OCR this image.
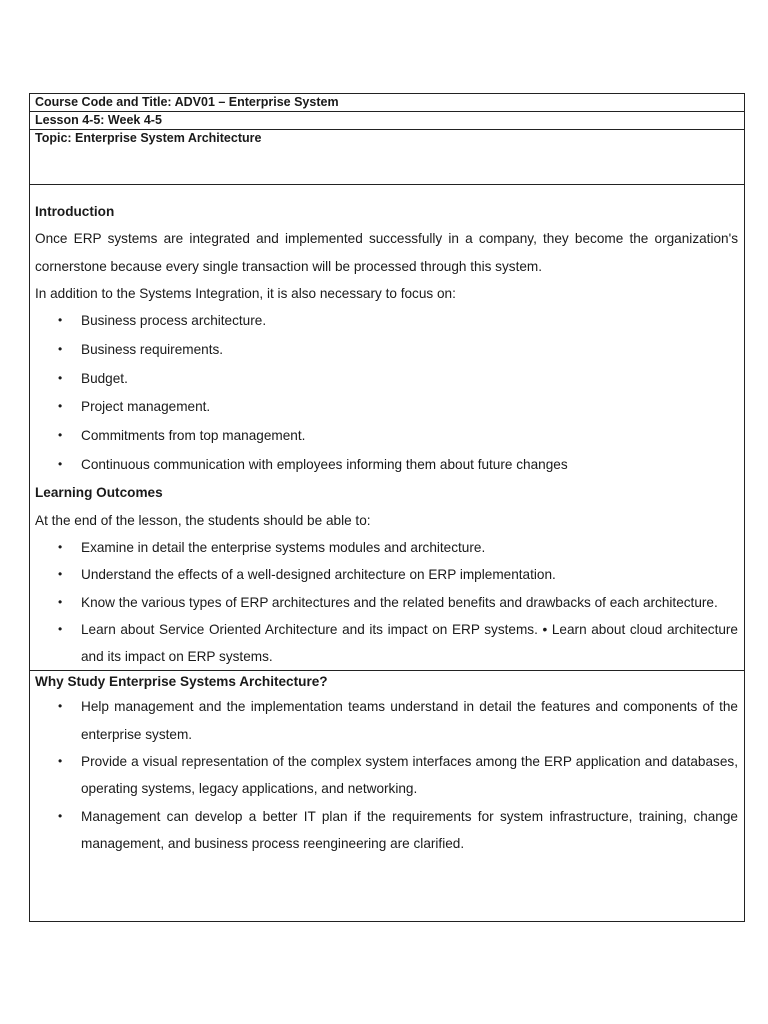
Course Code and Title: ADV01 – Enterprise System
Lesson 4-5: Week 4-5
Topic: Enterprise System Architecture
Introduction

Once ERP systems are integrated and implemented successfully in a company, they become the organization's cornerstone because every single transaction will be processed through this system.

In addition to the Systems Integration, it is also necessary to focus on:

• Business process architecture.
• Business requirements.
• Budget.
• Project management.
• Commitments from top management.
• Continuous communication with employees informing them about future changes
Learning Outcomes

At the end of the lesson, the students should be able to:

• Examine in detail the enterprise systems modules and architecture.
• Understand the effects of a well-designed architecture on ERP implementation.
• Know the various types of ERP architectures and the related benefits and drawbacks of each architecture.
• Learn about Service Oriented Architecture and its impact on ERP systems. • Learn about cloud architecture and its impact on ERP systems.
Why Study Enterprise Systems Architecture?
• Help management and the implementation teams understand in detail the features and components of the enterprise system.
• Provide a visual representation of the complex system interfaces among the ERP application and databases, operating systems, legacy applications, and networking.
• Management can develop a better IT plan if the requirements for system infrastructure, training, change management, and business process reengineering are clarified.
